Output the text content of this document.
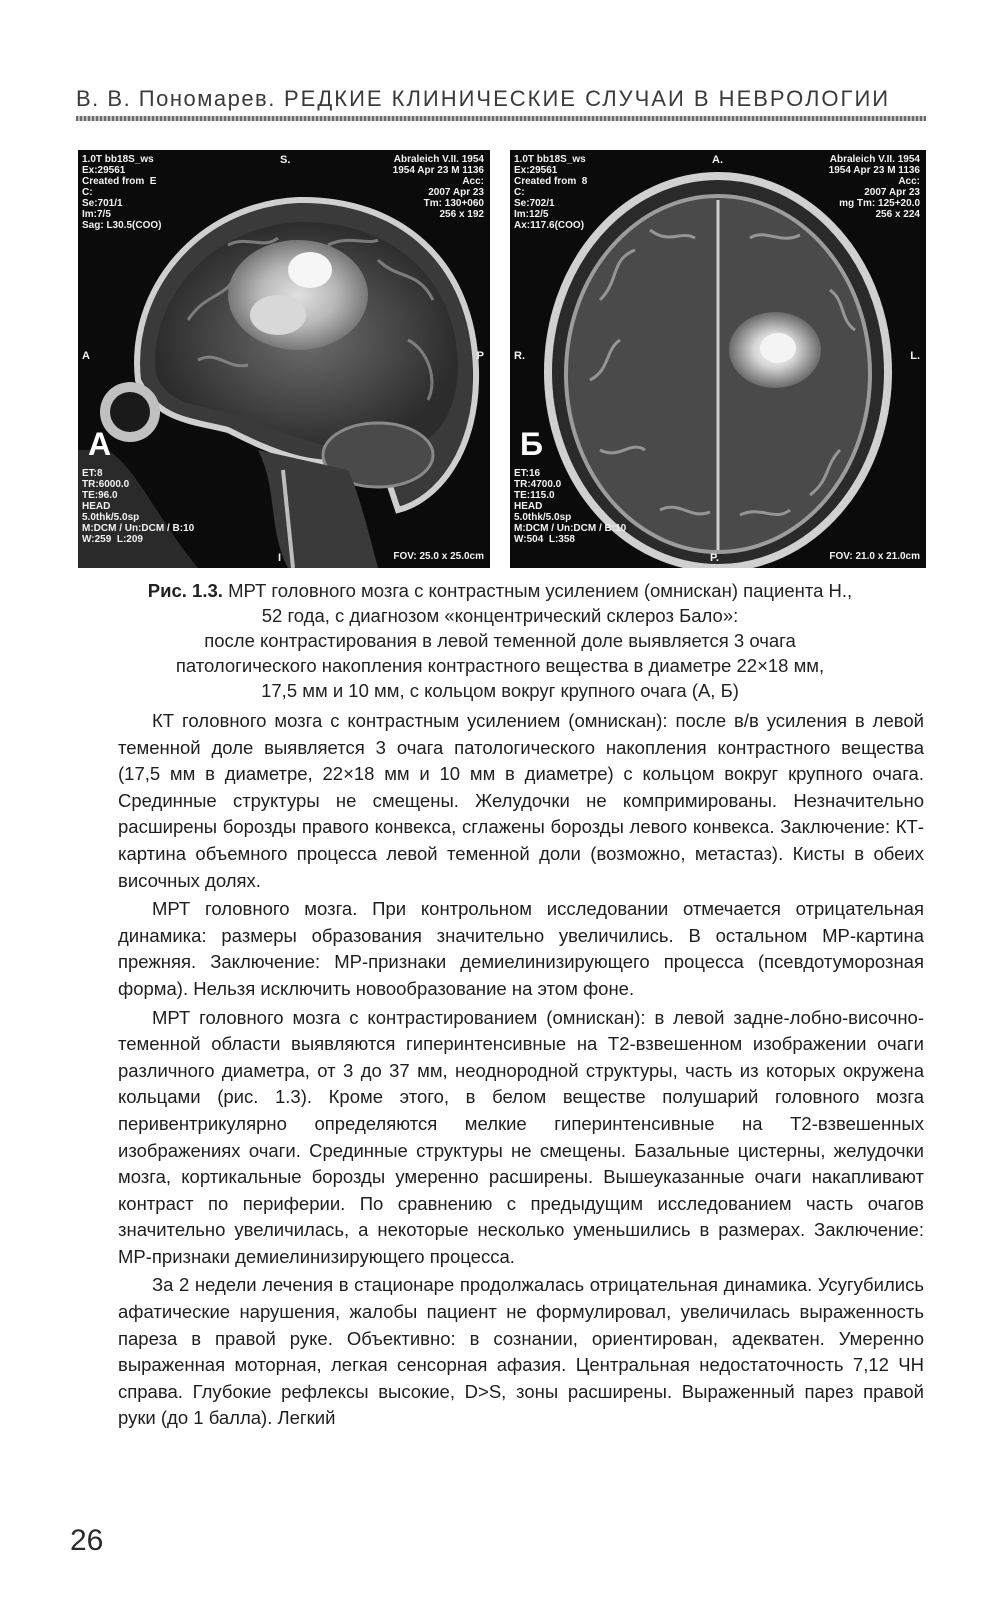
В. В. Пономарев. РЕДКИЕ КЛИНИЧЕСКИЕ СЛУЧАИ В НЕВРОЛОГИИ
1.0T bb18S_ws
Ex:29561
Created from  E
C:
Se:701/1
Im:7/5
Sag: L30.5(COO)
Abraleich V.II. 1954
1954 Apr 23 M 1136
Acc:
2007 Apr 23
Tm: 130+060
256 x 192
S.
A	P
I
А
ET:8
TR:6000.0
TE:96.0
HEAD
5.0thk/5.0sp
M:DCM / Un:DCM / B:10
W:259  L:209
FOV: 25.0 x 25.0cm
1.0T bb18S_ws
Ex:29561
Created from  8
C:
Se:702/1
Im:12/5
Ax:117.6(COO)
Abraleich V.II. 1954
1954 Apr 23 M 1136
Acc:
2007 Apr 23
mg Tm: 125+20.0
256 x 224
A.
R.	L.
P.
Б
ET:16
TR:4700.0
TE:115.0
HEAD
5.0thk/5.0sp
M:DCM / Un:DCM / B:10
W:504  L:358
FOV: 21.0 x 21.0cm
Рис. 1.3. МРТ головного мозга с контрастным усилением (омнискан) пациента Н.,
52 года, с диагнозом «концентрический склероз Бало»:
после контрастирования в левой теменной доле выявляется 3 очага
патологического накопления контрастного вещества в диаметре 22×18 мм,
17,5 мм и 10 мм, с кольцом вокруг крупного очага (А, Б)

КТ головного мозга с контрастным усилением (омнискан): после в/в усиления в левой теменной доле выявляется 3 очага патологического накопления контрастного вещества (17,5 мм в диаметре, 22×18 мм и 10 мм в диаметре) с кольцом вокруг крупного очага. Срединные структуры не смещены. Желудочки не компримированы. Незначительно расширены борозды правого конвекса, сглажены борозды левого конвекса. Заключение: КТ-картина объемного процесса левой теменной доли (возможно, метастаз). Кисты в обеих височных долях.

МРТ головного мозга. При контрольном исследовании отмечается отрицательная динамика: размеры образования значительно увеличились. В остальном МР-картина прежняя. Заключение: МР-признаки демиелинизирующего процесса (псевдотуморозная форма). Нельзя исключить новообразование на этом фоне.

МРТ головного мозга с контрастированием (омнискан): в левой задне-лобно-височно-теменной области выявляются гиперинтенсивные на Т2-взвешенном изображении очаги различного диаметра, от 3 до 37 мм, неоднородной структуры, часть из которых окружена кольцами (рис. 1.3). Кроме этого, в белом веществе полушарий головного мозга перивентрикулярно определяются мелкие гиперинтенсивные на Т2-взвешенных изображениях очаги. Срединные структуры не смещены. Базальные цистерны, желудочки мозга, кортикальные борозды умеренно расширены. Вышеуказанные очаги накапливают контраст по периферии. По сравнению с предыдущим исследованием часть очагов значительно увеличилась, а некоторые несколько уменьшились в размерах. Заключение: МР-признаки демиелинизирующего процесса.

За 2 недели лечения в стационаре продолжалась отрицательная динамика. Усугубились афатические нарушения, жалобы пациент не формулировал, увеличилась выраженность пареза в правой руке. Объективно: в сознании, ориентирован, адекватен. Умеренно выраженная моторная, легкая сенсорная афазия. Центральная недостаточность 7,12 ЧН справа. Глубокие рефлексы высокие, D>S, зоны расширены. Выраженный парез правой руки (до 1 балла). Легкий

26
